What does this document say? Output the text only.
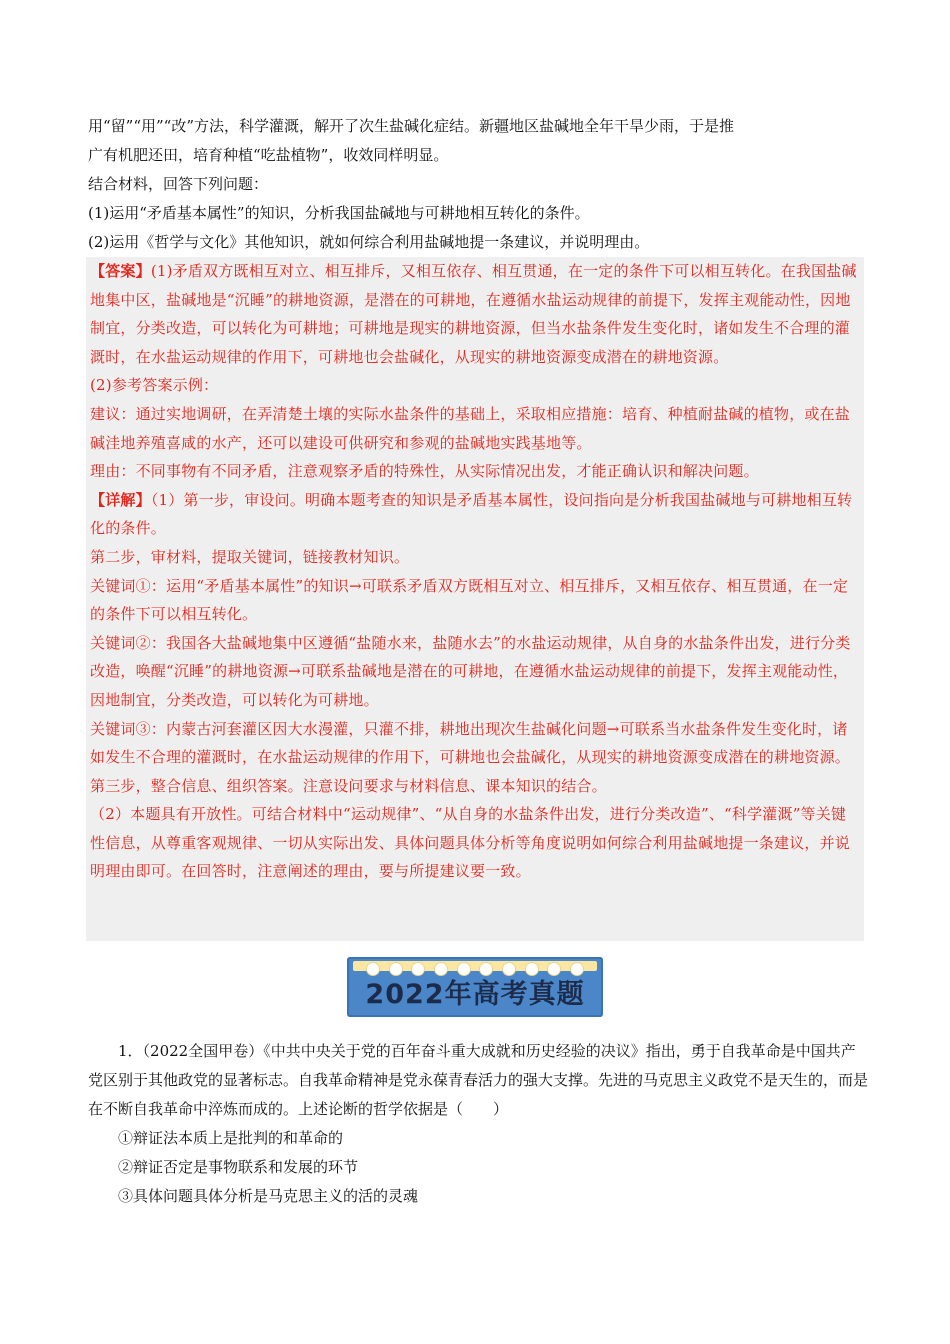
用“留”“用”“改”方法，科学灌溉，解开了次生盐碱化症结。新疆地区盐碱地全年干旱少雨，于是推

广有机肥还田，培育种植“吃盐植物”，收效同样明显。

结合材料，回答下列问题：

(1)运用“矛盾基本属性”的知识，分析我国盐碱地与可耕地相互转化的条件。

(2)运用《哲学与文化》其他知识，就如何综合利用盐碱地提一条建议，并说明理由。

【答案】(1)矛盾双方既相互对立、相互排斥，又相互依存、相互贯通，在一定的条件下可以相互转化。在我国盐碱地集中区，盐碱地是“沉睡”的耕地资源，是潜在的可耕地，在遵循水盐运动规律的前提下，发挥主观能动性，因地制宜，分类改造，可以转化为可耕地；可耕地是现实的耕地资源，但当水盐条件发生变化时，诸如发生不合理的灌溉时，在水盐运动规律的作用下，可耕地也会盐碱化，从现实的耕地资源变成潜在的耕地资源。

(2)参考答案示例：

建议：通过实地调研，在弄清楚土壤的实际水盐条件的基础上，采取相应措施：培育、种植耐盐碱的植物，或在盐碱洼地养殖喜咸的水产，还可以建设可供研究和参观的盐碱地实践基地等。

理由：不同事物有不同矛盾，注意观察矛盾的特殊性，从实际情况出发，才能正确认识和解决问题。

【详解】（1）第一步，审设问。明确本题考查的知识是矛盾基本属性，设问指向是分析我国盐碱地与可耕地相互转化的条件。

第二步，审材料，提取关键词，链接教材知识。

关键词①：运用“矛盾基本属性”的知识→可联系矛盾双方既相互对立、相互排斥，又相互依存、相互贯通，在一定的条件下可以相互转化。

关键词②：我国各大盐碱地集中区遵循“盐随水来，盐随水去”的水盐运动规律，从自身的水盐条件出发，进行分类改造，唤醒“沉睡”的耕地资源→可联系盐碱地是潜在的可耕地，在遵循水盐运动规律的前提下，发挥主观能动性，因地制宜，分类改造，可以转化为可耕地。

关键词③：内蒙古河套灌区因大水漫灌，只灌不排，耕地出现次生盐碱化问题→可联系当水盐条件发生变化时，诸如发生不合理的灌溉时，在水盐运动规律的作用下，可耕地也会盐碱化，从现实的耕地资源变成潜在的耕地资源。

第三步，整合信息、组织答案。注意设问要求与材料信息、课本知识的结合。

（2）本题具有开放性。可结合材料中“运动规律”、“从自身的水盐条件出发，进行分类改造”、“科学灌溉”等关键性信息，从尊重客观规律、一切从实际出发、具体问题具体分析等角度说明如何综合利用盐碱地提一条建议，并说明理由即可。在回答时，注意阐述的理由，要与所提建议要一致。

2022年高考真题

1．（2022全国甲卷）《中共中央关于党的百年奋斗重大成就和历史经验的决议》指出，勇于自我革命是中国共产党区别于其他政党的显著标志。自我革命精神是党永葆青春活力的强大支撑。先进的马克思主义政党不是天生的，而是在不断自我革命中淬炼而成的。上述论断的哲学依据是（　　）

①辩证法本质上是批判的和革命的

②辩证否定是事物联系和发展的环节

③具体问题具体分析是马克思主义的活的灵魂
